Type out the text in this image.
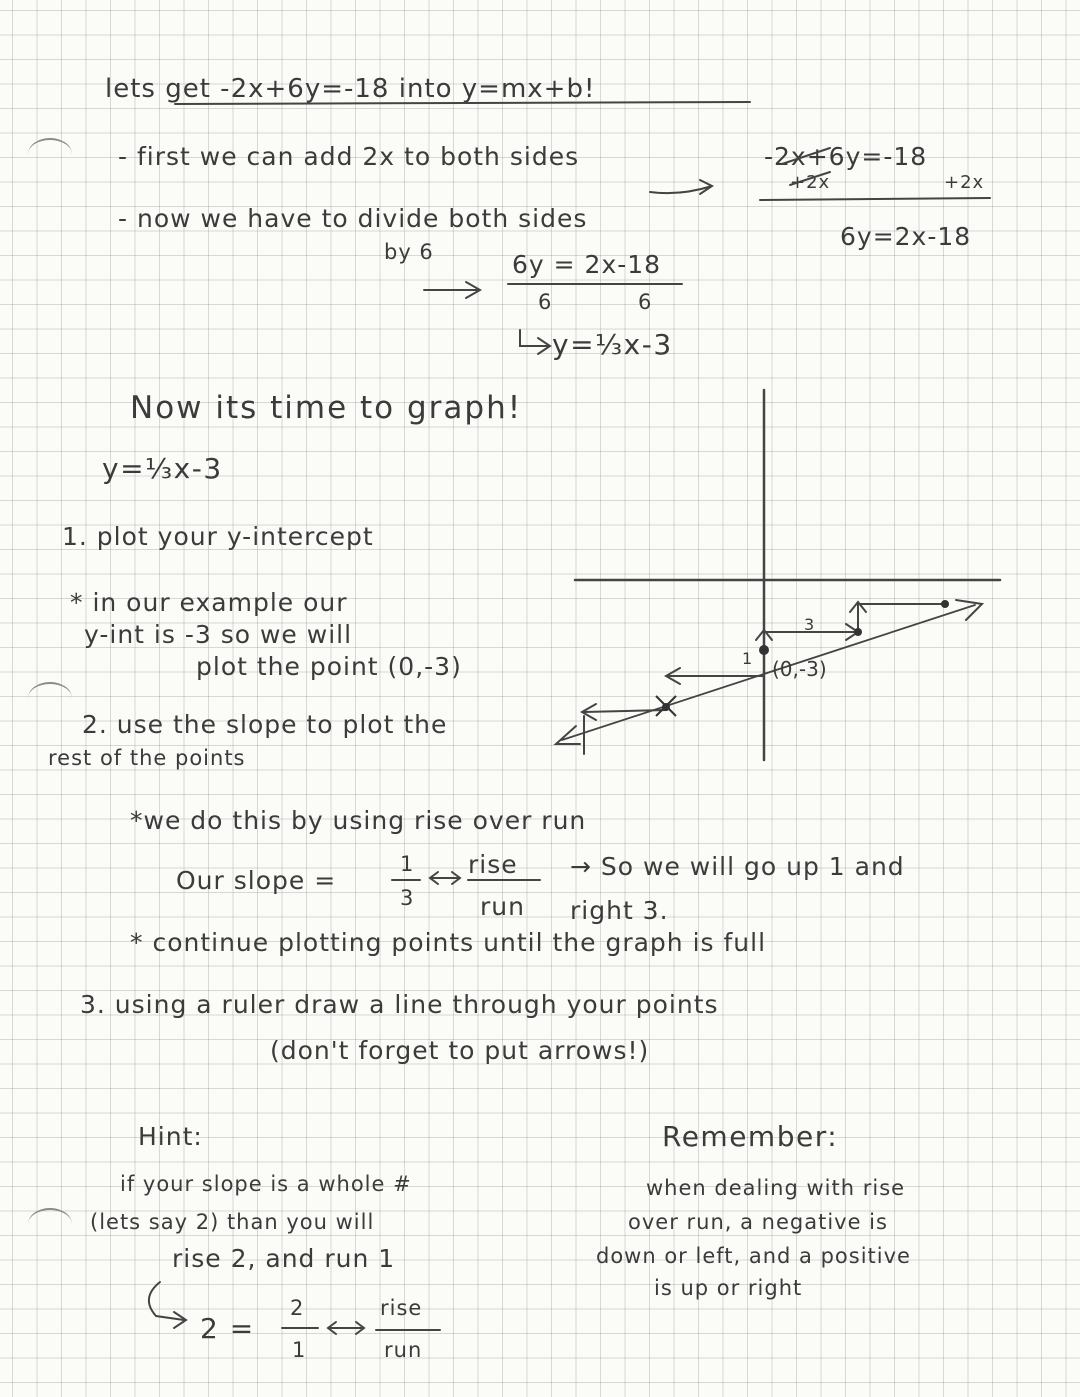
lets get -2x+6y=-18 into y=mx+b!
- first we can add 2x to both sides
- now we have to divide both sides
by 6
-2x+6y=-18
+2x	+2x
6y=2x-18
6y = 2x-18
6	6
y=⅓x-3
Now its time to graph!
y=⅓x-3
1. plot your y-intercept
* in our example our
y-int is -3 so we will
plot the point (0,-3)
2. use the slope to plot the
rest of the points
*we do this by using rise over run
Our slope =
1
3
rise
run
→ So we will go up 1 and
right 3.
* continue plotting points until the graph is full
3. using a ruler draw a line through your points
(don't forget to put arrows!)
Hint:
if your slope is a whole #
(lets say 2) than you will
rise 2, and run 1
2 =
2
1
rise
run
Remember:
when dealing with rise
over run, a negative is
down or left, and a positive
is up or right
(0,-3)
1
3
